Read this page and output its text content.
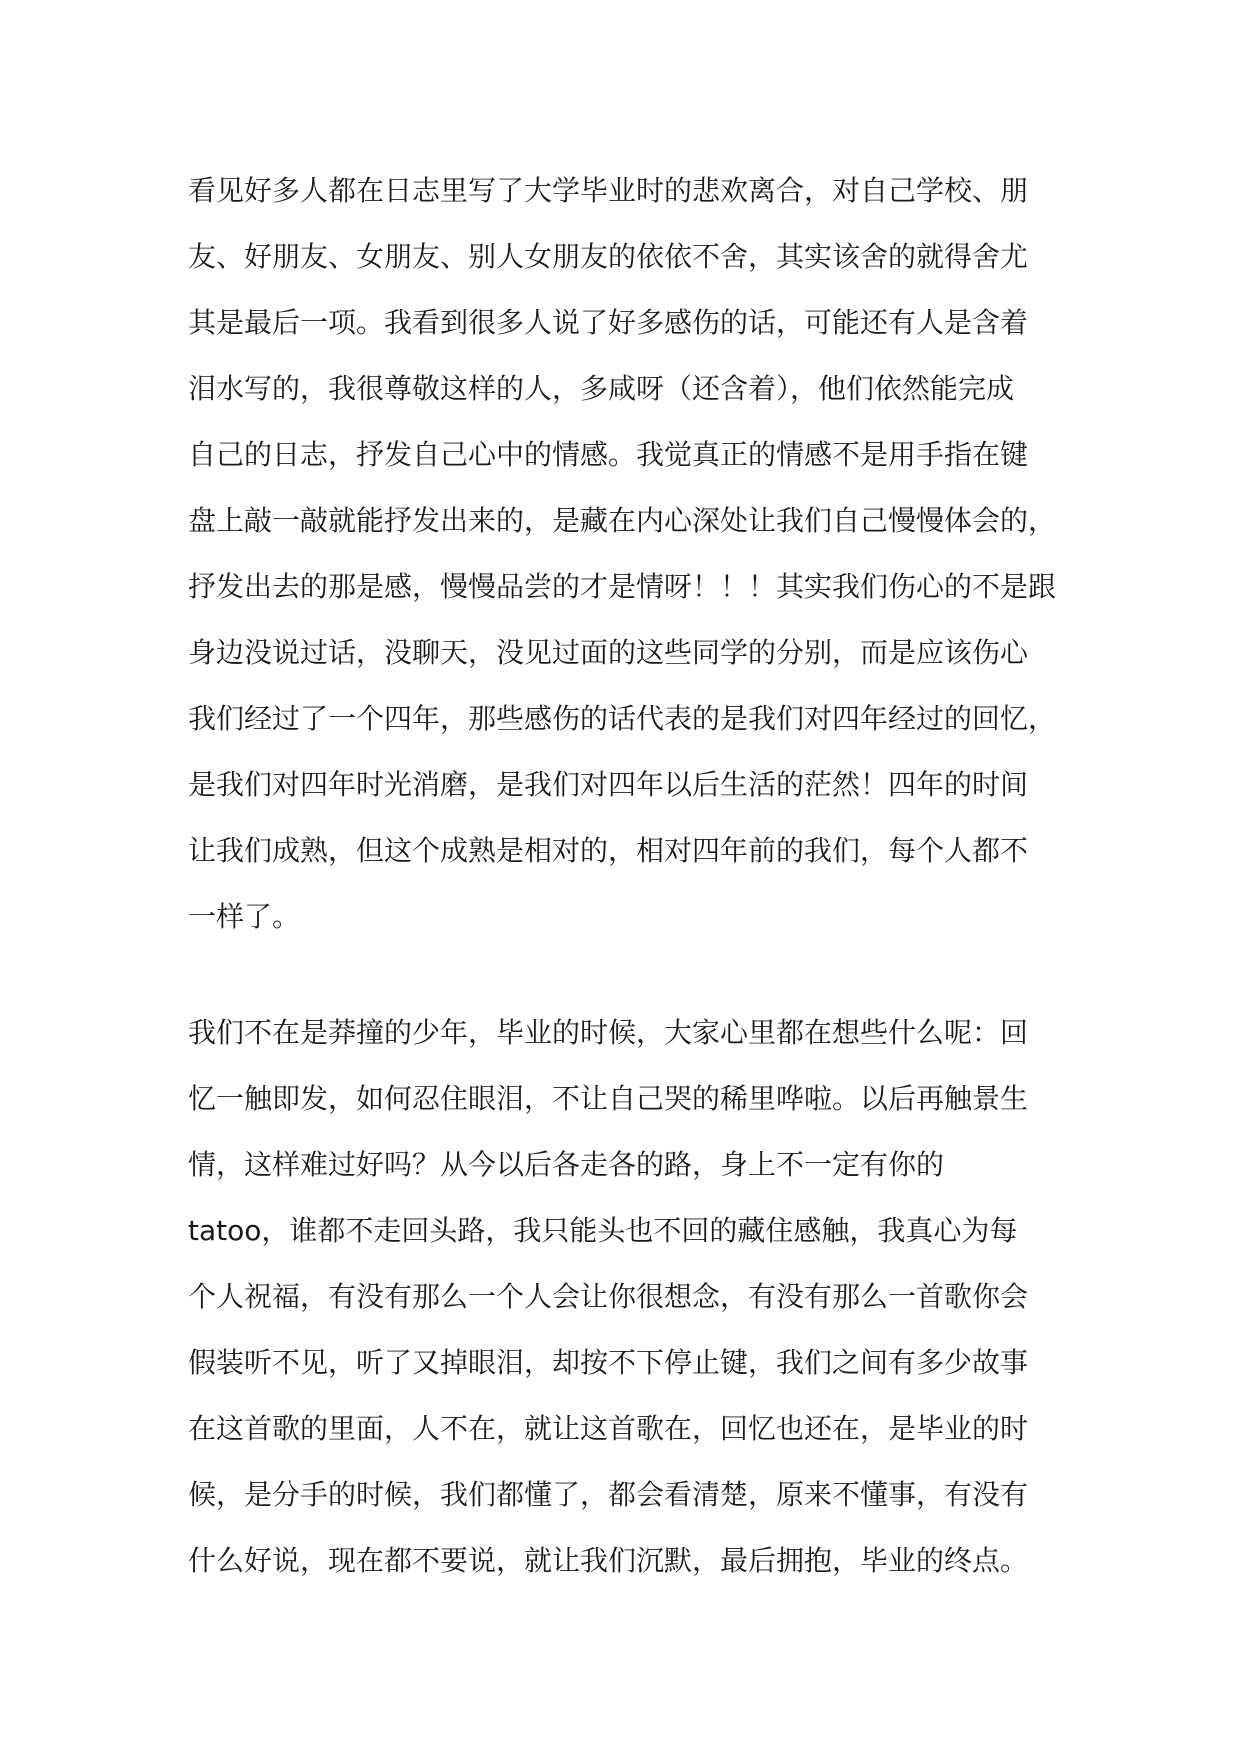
看见好多人都在日志里写了大学毕业时的悲欢离合，对自己学校、朋
友、好朋友、女朋友、别人女朋友的依依不舍，其实该舍的就得舍尤
其是最后一项。我看到很多人说了好多感伤的话，可能还有人是含着
泪水写的，我很尊敬这样的人，多咸呀（还含着），他们依然能完成
自己的日志，抒发自己心中的情感。我觉真正的情感不是用手指在键
盘上敲一敲就能抒发出来的，是藏在内心深处让我们自己慢慢体会的，
抒发出去的那是感，慢慢品尝的才是情呀！！！其实我们伤心的不是跟
身边没说过话，没聊天，没见过面的这些同学的分别，而是应该伤心
我们经过了一个四年，那些感伤的话代表的是我们对四年经过的回忆，
是我们对四年时光消磨，是我们对四年以后生活的茫然！四年的时间
让我们成熟，但这个成熟是相对的，相对四年前的我们，每个人都不
一样了。
我们不在是莽撞的少年，毕业的时候，大家心里都在想些什么呢：回
忆一触即发，如何忍住眼泪，不让自己哭的稀里哗啦。以后再触景生
情，这样难过好吗？从今以后各走各的路，身上不一定有你的
tatoo，谁都不走回头路，我只能头也不回的藏住感触，我真心为每
个人祝福，有没有那么一个人会让你很想念，有没有那么一首歌你会
假装听不见，听了又掉眼泪，却按不下停止键，我们之间有多少故事
在这首歌的里面，人不在，就让这首歌在，回忆也还在，是毕业的时
候，是分手的时候，我们都懂了，都会看清楚，原来不懂事，有没有
什么好说，现在都不要说，就让我们沉默，最后拥抱，毕业的终点。
